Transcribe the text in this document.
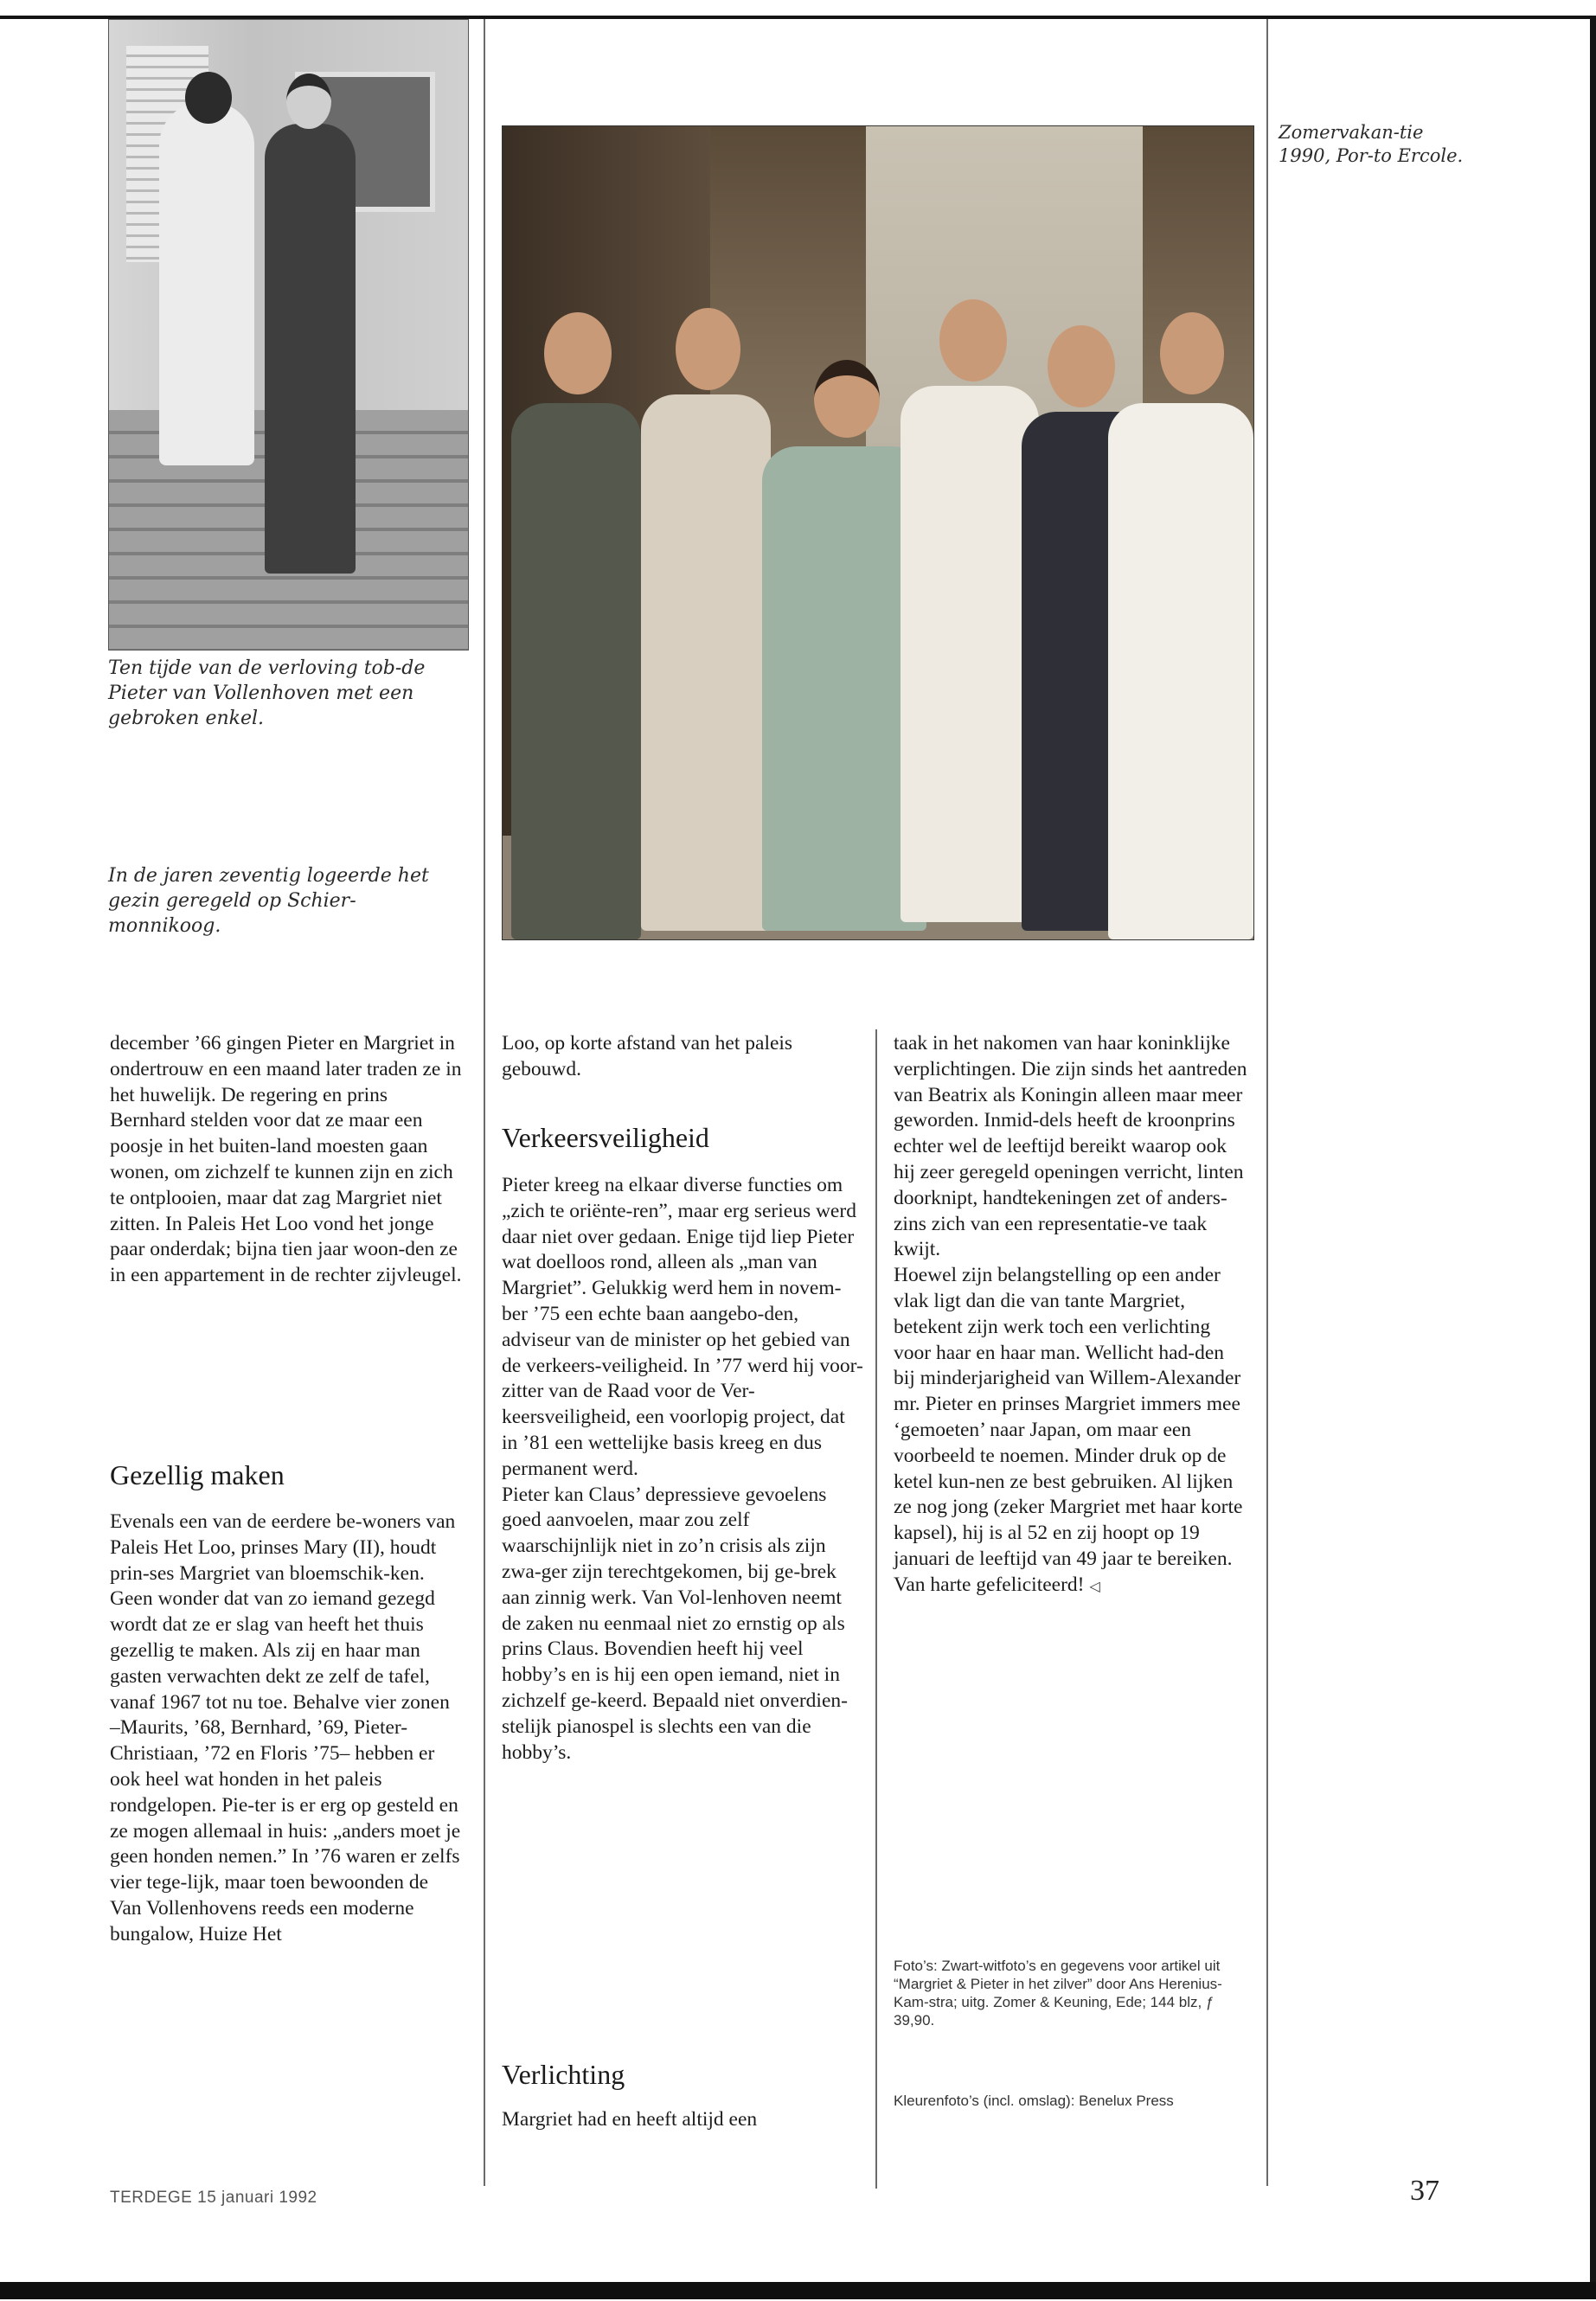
Ten tijde van de verloving tob-de Pieter van Vollenhoven met een gebroken enkel.
In de jaren zeventig logeerde het gezin geregeld op Schier-monnikoog.
Zomervakan-tie 1990, Por-to Ercole.

december ’66 gingen Pieter en Margriet in ondertrouw en een maand later traden ze in het huwelijk. De regering en prins Bernhard stelden voor dat ze maar een poosje in het buiten-land moesten gaan wonen, om zichzelf te kunnen zijn en zich te ontplooien, maar dat zag Margriet niet zitten. In Paleis Het Loo vond het jonge paar onderdak; bijna tien jaar woon-den ze in een appartement in de rechter zijvleugel.

Gezellig maken

Evenals een van de eerdere be-woners van Paleis Het Loo, prinses Mary (II), houdt prin-ses Margriet van bloemschik-ken. Geen wonder dat van zo iemand gezegd wordt dat ze er slag van heeft het thuis gezellig te maken. Als zij en haar man gasten verwachten dekt ze zelf de tafel, vanaf 1967 tot nu toe. Behalve vier zonen –Maurits, ’68, Bernhard, ’69, Pieter-Christiaan, ’72 en Floris ’75– hebben er ook heel wat honden in het paleis rondgelopen. Pie-ter is er erg op gesteld en ze mogen allemaal in huis: „anders moet je geen honden nemen.” In ’76 waren er zelfs vier tege-lijk, maar toen bewoonden de Van Vollenhovens reeds een moderne bungalow, Huize Het

Loo, op korte afstand van het paleis gebouwd.

Verkeersveiligheid

Pieter kreeg na elkaar diverse functies om „zich te oriënte-ren”, maar erg serieus werd daar niet over gedaan. Enige tijd liep Pieter wat doelloos rond, alleen als „man van Margriet”. Gelukkig werd hem in novem-ber ’75 een echte baan aangebo-den, adviseur van de minister op het gebied van de verkeers-veiligheid. In ’77 werd hij voor-zitter van de Raad voor de Ver-keersveiligheid, een voorlopig project, dat in ’81 een wettelijke basis kreeg en dus permanent werd.

Pieter kan Claus’ depressieve gevoelens goed aanvoelen, maar zou zelf waarschijnlijk niet in zo’n crisis als zijn zwa-ger zijn terechtgekomen, bij ge-brek aan zinnig werk. Van Vol-lenhoven neemt de zaken nu eenmaal niet zo ernstig op als prins Claus. Bovendien heeft hij veel hobby’s en is hij een open iemand, niet in zichzelf ge-keerd. Bepaald niet onverdien-stelijk pianospel is slechts een van die hobby’s.

Verlichting

Margriet had en heeft altijd een

taak in het nakomen van haar koninklijke verplichtingen. Die zijn sinds het aantreden van Beatrix als Koningin alleen maar meer geworden. Inmid-dels heeft de kroonprins echter wel de leeftijd bereikt waarop ook hij zeer geregeld openingen verricht, linten doorknipt, handtekeningen zet of anders-zins zich van een representatie-ve taak kwijt.

Hoewel zijn belangstelling op een ander vlak ligt dan die van tante Margriet, betekent zijn werk toch een verlichting voor haar en haar man. Wellicht had-den bij minderjarigheid van Willem-Alexander mr. Pieter en prinses Margriet immers mee ‘gemoeten’ naar Japan, om maar een voorbeeld te noemen. Minder druk op de ketel kun-nen ze best gebruiken. Al lijken ze nog jong (zeker Margriet met haar korte kapsel), hij is al 52 en zij hoopt op 19 januari de leeftijd van 49 jaar te bereiken. Van harte gefeliciteerd! ◁

Foto’s: Zwart-witfoto’s en gegevens voor artikel uit “Margriet & Pieter in het zilver” door Ans Herenius-Kam-stra; uitg. Zomer & Keuning, Ede; 144 blz, ƒ 39,90.
Kleurenfoto’s (incl. omslag): Benelux Press
TERDEGE 15 januari 1992	37
